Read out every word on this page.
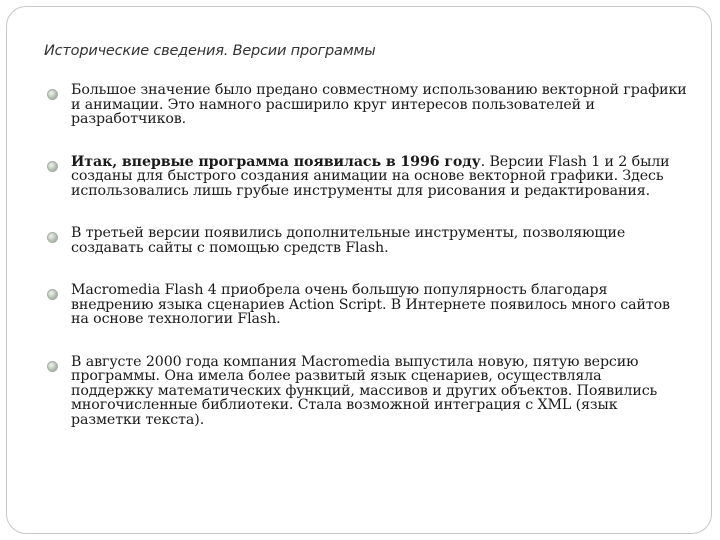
Исторические сведения. Версии программы
Большое значение было предано совместному использованию векторной графики и анимации. Это намного расширило круг интересов пользователей и разработчиков.
Итак, впервые программа появилась в 1996 году. Версии Flash 1 и 2 были созданы для быстрого создания анимации на основе векторной графики. Здесь использовались лишь грубые инструменты для рисования и редактирования.
В третьей версии появились дополнительные инструменты, позволяющие создавать сайты с помощью средств Flash.
Macromedia Flash 4 приобрела очень большую популярность благодаря внедрению языка сценариев Action Script. В Интернете появилось много сайтов на основе технологии Flash.
В августе 2000 года компания Macromedia выпустила новую, пятую версию программы. Она имела более развитый язык сценариев, осуществляла поддержку математических функций, массивов и других объектов. Появились многочисленные библиотеки. Стала возможной интеграция с XML (язык разметки текста).
